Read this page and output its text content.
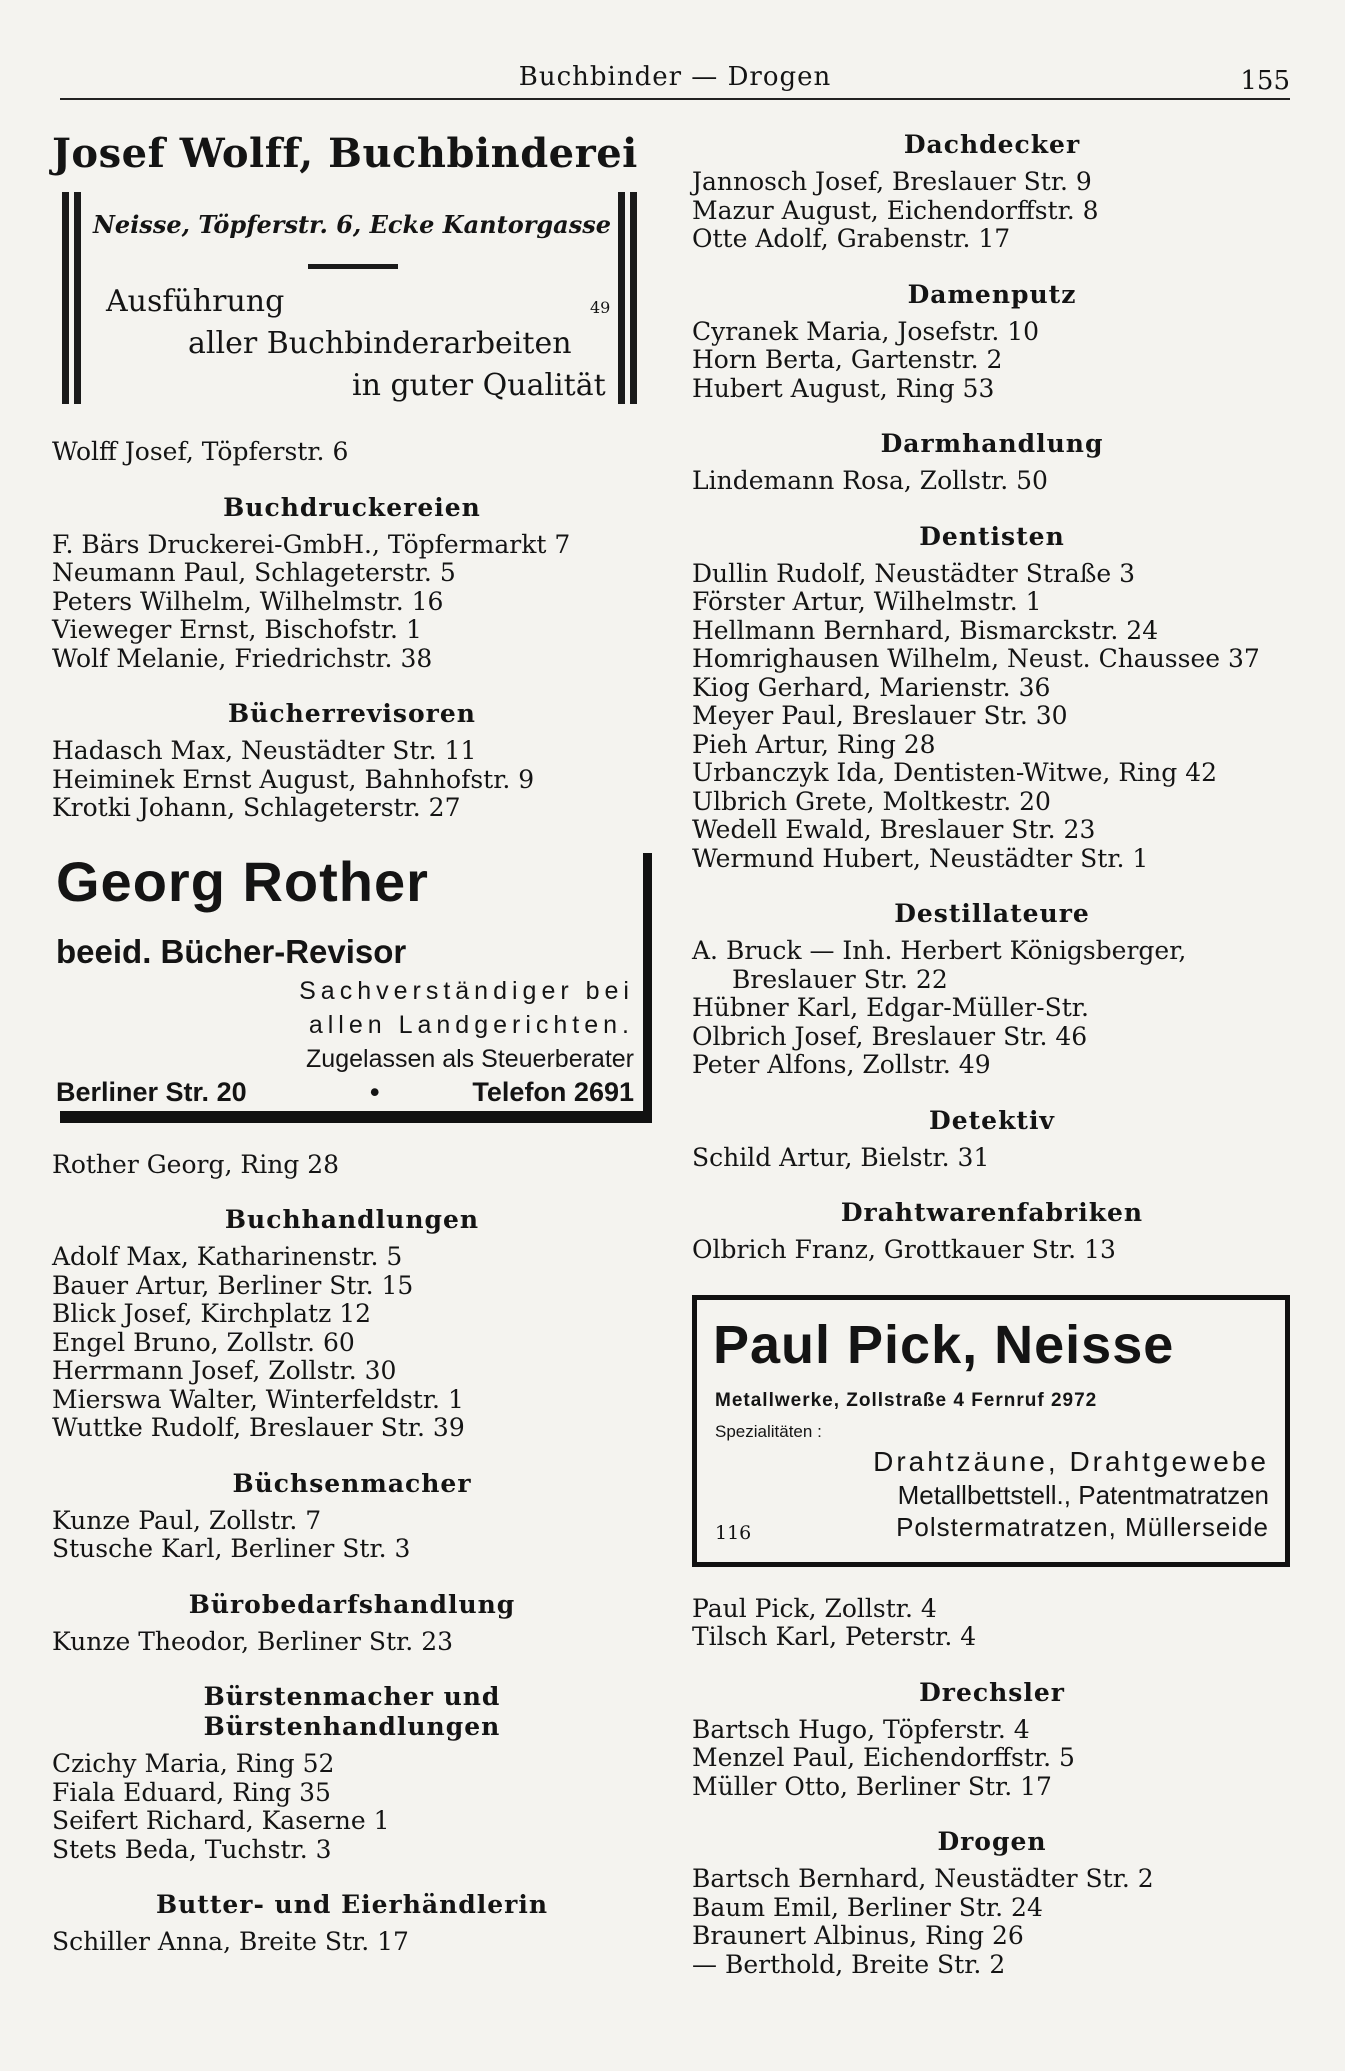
Buchbinder — Drogen	155
Josef Wolff, Buchbinderei
Neisse, Töpferstr. 6, Ecke Kantorgasse
Ausführung	49
aller Buchbinderarbeiten
in guter Qualität
Wolff Josef, Töpferstr. 6
Buchdruckereien
F. Bärs Druckerei-GmbH., Töpfermarkt 7
Neumann Paul, Schlageterstr. 5
Peters Wilhelm, Wilhelmstr. 16
Vieweger Ernst, Bischofstr. 1
Wolf Melanie, Friedrichstr. 38
Bücherrevisoren
Hadasch Max, Neustädter Str. 11
Heiminek Ernst August, Bahnhofstr. 9
Krotki Johann, Schlageterstr. 27
Georg Rother
beeid. Bücher-Revisor
Sachverständiger bei
allen Landgerichten.
Zugelassen als Steuerberater
Berliner Str. 20	•	Telefon 2691
Rother Georg, Ring 28
Buchhandlungen
Adolf Max, Katharinenstr. 5
Bauer Artur, Berliner Str. 15
Blick Josef, Kirchplatz 12
Engel Bruno, Zollstr. 60
Herrmann Josef, Zollstr. 30
Mierswa Walter, Winterfeldstr. 1
Wuttke Rudolf, Breslauer Str. 39
Büchsenmacher
Kunze Paul, Zollstr. 7
Stusche Karl, Berliner Str. 3
Bürobedarfshandlung
Kunze Theodor, Berliner Str. 23
Bürstenmacher und Bürstenhandlungen
Czichy Maria, Ring 52
Fiala Eduard, Ring 35
Seifert Richard, Kaserne 1
Stets Beda, Tuchstr. 3
Butter- und Eierhändlerin
Schiller Anna, Breite Str. 17
Dachdecker
Jannosch Josef, Breslauer Str. 9
Mazur August, Eichendorffstr. 8
Otte Adolf, Grabenstr. 17
Damenputz
Cyranek Maria, Josefstr. 10
Horn Berta, Gartenstr. 2
Hubert August, Ring 53
Darmhandlung
Lindemann Rosa, Zollstr. 50
Dentisten
Dullin Rudolf, Neustädter Straße 3
Förster Artur, Wilhelmstr. 1
Hellmann Bernhard, Bismarckstr. 24
Homrighausen Wilhelm, Neust. Chaussee 37
Kiog Gerhard, Marienstr. 36
Meyer Paul, Breslauer Str. 30
Pieh Artur, Ring 28
Urbanczyk Ida, Dentisten-Witwe, Ring 42
Ulbrich Grete, Moltkestr. 20
Wedell Ewald, Breslauer Str. 23
Wermund Hubert, Neustädter Str. 1
Destillateure
A. Bruck — Inh. Herbert Königsberger,
Breslauer Str. 22
Hübner Karl, Edgar-Müller-Str.
Olbrich Josef, Breslauer Str. 46
Peter Alfons, Zollstr. 49
Detektiv
Schild Artur, Bielstr. 31
Drahtwarenfabriken
Olbrich Franz, Grottkauer Str. 13
Paul Pick, Neisse
Metallwerke, Zollstraße 4 Fernruf 2972
Spezialitäten :
Drahtzäune, Drahtgewebe
Metallbettstell., Patentmatratzen
Polstermatratzen, Müllerseide
116
Paul Pick, Zollstr. 4
Tilsch Karl, Peterstr. 4
Drechsler
Bartsch Hugo, Töpferstr. 4
Menzel Paul, Eichendorffstr. 5
Müller Otto, Berliner Str. 17
Drogen
Bartsch Bernhard, Neustädter Str. 2
Baum Emil, Berliner Str. 24
Braunert Albinus, Ring 26
— Berthold, Breite Str. 2
